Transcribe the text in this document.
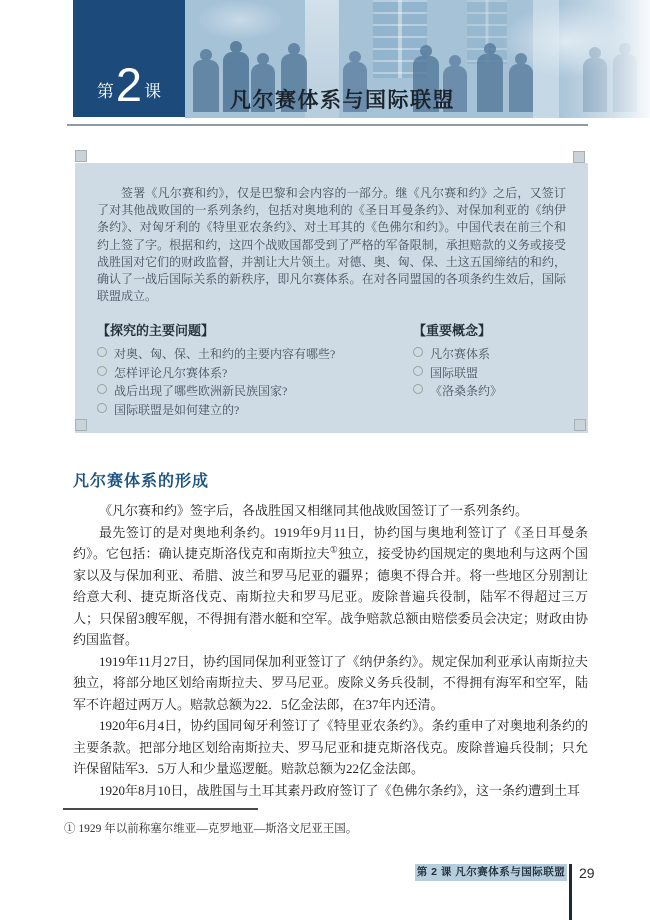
第 2 课	凡尔赛体系与国际联盟

签署《凡尔赛和约》，仅是巴黎和会内容的一部分。继《凡尔赛和约》之后，又签订了对其他战败国的一系列条约，包括对奥地利的《圣日耳曼条约》、对保加利亚的《纳伊条约》、对匈牙利的《特里亚农条约》、对土耳其的《色佛尔和约》。中国代表在前三个和约上签了字。根据和约，这四个战败国都受到了严格的军备限制，承担赔款的义务或接受战胜国对它们的财政监督，并割让大片领土。对德、奥、匈、保、土这五国缔结的和约，确认了一战后国际关系的新秩序，即凡尔赛体系。在对各同盟国的各项条约生效后，国际联盟成立。

【探究的主要问题】
对奥、匈、保、土和约的主要内容有哪些?
怎样评论凡尔赛体系?
战后出现了哪些欧洲新民族国家?
国际联盟是如何建立的?
【重要概念】
凡尔赛体系
国际联盟
《洛桑条约》
凡尔赛体系的形成

《凡尔赛和约》签字后，各战胜国又相继同其他战败国签订了一系列条约。

最先签订的是对奥地利条约。1919年9月11日，协约国与奥地利签订了《圣日耳曼条约》。它包括：确认捷克斯洛伐克和南斯拉夫①独立，接受协约国规定的奥地利与这两个国家以及与保加利亚、希腊、波兰和罗马尼亚的疆界；德奥不得合并。将一些地区分别割让给意大利、捷克斯洛伐克、南斯拉夫和罗马尼亚。废除普遍兵役制，陆军不得超过三万人；只保留3艘军舰，不得拥有潜水艇和空军。战争赔款总额由赔偿委员会决定；财政由协约国监督。

1919年11月27日，协约国同保加利亚签订了《纳伊条约》。规定保加利亚承认南斯拉夫独立，将部分地区划给南斯拉夫、罗马尼亚。废除义务兵役制，不得拥有海军和空军，陆军不许超过两万人。赔款总额为22．5亿金法郎，在37年内还清。

1920年6月4日，协约国同匈牙利签订了《特里亚农条约》。条约重申了对奥地利条约的主要条款。把部分地区划给南斯拉夫、罗马尼亚和捷克斯洛伐克。废除普遍兵役制；只允许保留陆军3．5万人和少量巡逻艇。赔款总额为22亿金法郎。

1920年8月10日，战胜国与土耳其素丹政府签订了《色佛尔条约》，这一条约遭到土耳

① 1929 年以前称塞尔维亚—克罗地亚—斯洛文尼亚王国。
第 2 课 凡尔赛体系与国际联盟 29
